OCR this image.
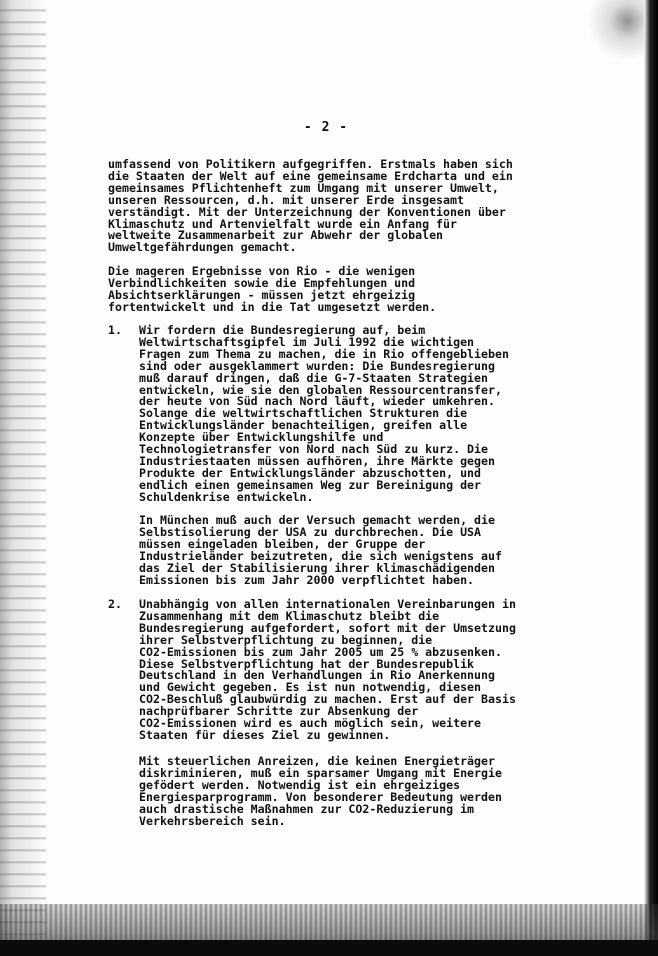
- 2 -

umfassend von Politikern aufgegriffen. Erstmals haben sich
die Staaten der Welt auf eine gemeinsame Erdcharta und ein
gemeinsames Pflichtenheft zum Umgang mit unserer Umwelt,
unseren Ressourcen, d.h. mit unserer Erde insgesamt
verständigt. Mit der Unterzeichnung der Konventionen über
Klimaschutz und Artenvielfalt wurde ein Anfang für
weltweite Zusammenarbeit zur Abwehr der globalen
Umweltgefährdungen gemacht.

Die mageren Ergebnisse von Rio - die wenigen
Verbindlichkeiten sowie die Empfehlungen und
Absichtserklärungen - müssen jetzt ehrgeizig
fortentwickelt und in die Tat umgesetzt werden.

1. Wir fordern die Bundesregierung auf, beim
Weltwirtschaftsgipfel im Juli 1992 die wichtigen
Fragen zum Thema zu machen, die in Rio offengeblieben
sind oder ausgeklammert wurden: Die Bundesregierung
muß darauf dringen, daß die G-7-Staaten Strategien
entwickeln, wie sie den globalen Ressourcentransfer,
der heute von Süd nach Nord läuft, wieder umkehren.
Solange die weltwirtschaftlichen Strukturen die
Entwicklungsländer benachteiligen, greifen alle
Konzepte über Entwicklungshilfe und
Technologietransfer von Nord nach Süd zu kurz. Die
Industriestaaten müssen aufhören, ihre Märkte gegen
Produkte der Entwicklungsländer abzuschotten, und
endlich einen gemeinsamen Weg zur Bereinigung der
Schuldenkrise entwickeln.

In München muß auch der Versuch gemacht werden, die
Selbstisolierung der USA zu durchbrechen. Die USA
müssen eingeladen bleiben, der Gruppe der
Industrieländer beizutreten, die sich wenigstens auf
das Ziel der Stabilisierung ihrer klimaschädigenden
Emissionen bis zum Jahr 2000 verpflichtet haben.

2. Unabhängig von allen internationalen Vereinbarungen in
Zusammenhang mit dem Klimaschutz bleibt die
Bundesregierung aufgefordert, sofort mit der Umsetzung
ihrer Selbstverpflichtung zu beginnen, die
CO2-Emissionen bis zum Jahr 2005 um 25 % abzusenken.
Diese Selbstverpflichtung hat der Bundesrepublik
Deutschland in den Verhandlungen in Rio Anerkennung
und Gewicht gegeben. Es ist nun notwendig, diesen
CO2-Beschluß glaubwürdig zu machen. Erst auf der Basis
nachprüfbarer Schritte zur Absenkung der
CO2-Emissionen wird es auch möglich sein, weitere
Staaten für dieses Ziel zu gewinnen.

Mit steuerlichen Anreizen, die keinen Energieträger
diskriminieren, muß ein sparsamer Umgang mit Energie
gefödert werden. Notwendig ist ein ehrgeiziges
Energiesparprogramm. Von besonderer Bedeutung werden
auch drastische Maßnahmen zur CO2-Reduzierung im
Verkehrsbereich sein.
